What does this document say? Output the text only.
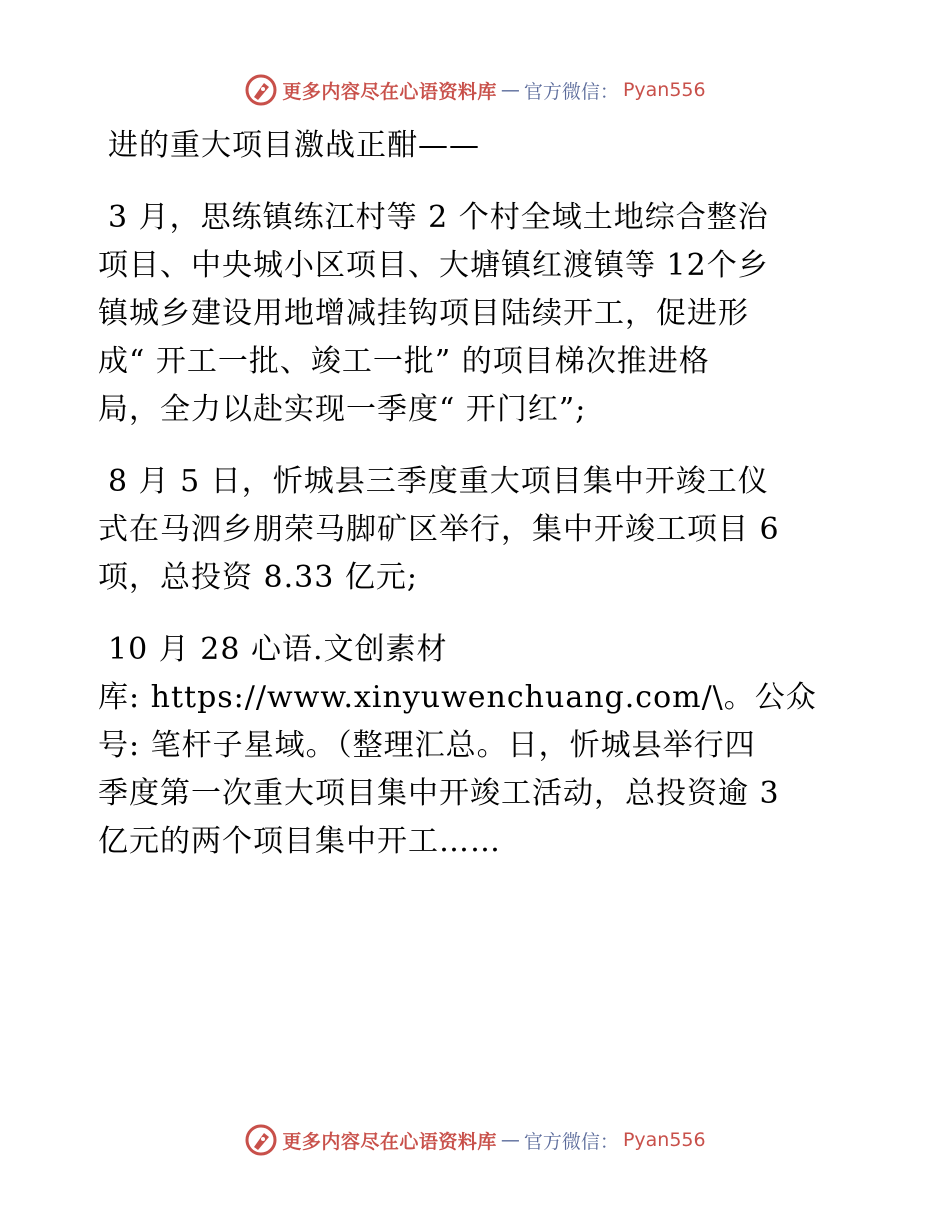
更多内容尽在心语资料库 — 官方微信： Pyan556
进的重大项目激战正酣——
3 月，思练镇练江村等 2 个村全域土地综合整治
项目、中央城小区项目、大塘镇红渡镇等 12个乡
镇城乡建设用地增减挂钩项目陆续开工，促进形
成“ 开工一批、竣工一批” 的项目梯次推进格
局，全力以赴实现一季度“ 开门红”;
8 月 5 日，忻城县三季度重大项目集中开竣工仪
式在马泗乡朋荣马脚矿区举行，集中开竣工项目 6
项，总投资 8.33 亿元;
10 月 28 心语.文创素材
库: https://www.xinyuwenchuang.com/\。公众
号: 笔杆子星域。（整理汇总。日，忻城县举行四
季度第一次重大项目集中开竣工活动，总投资逾 3
亿元的两个项目集中开工……
更多内容尽在心语资料库 — 官方微信： Pyan556
